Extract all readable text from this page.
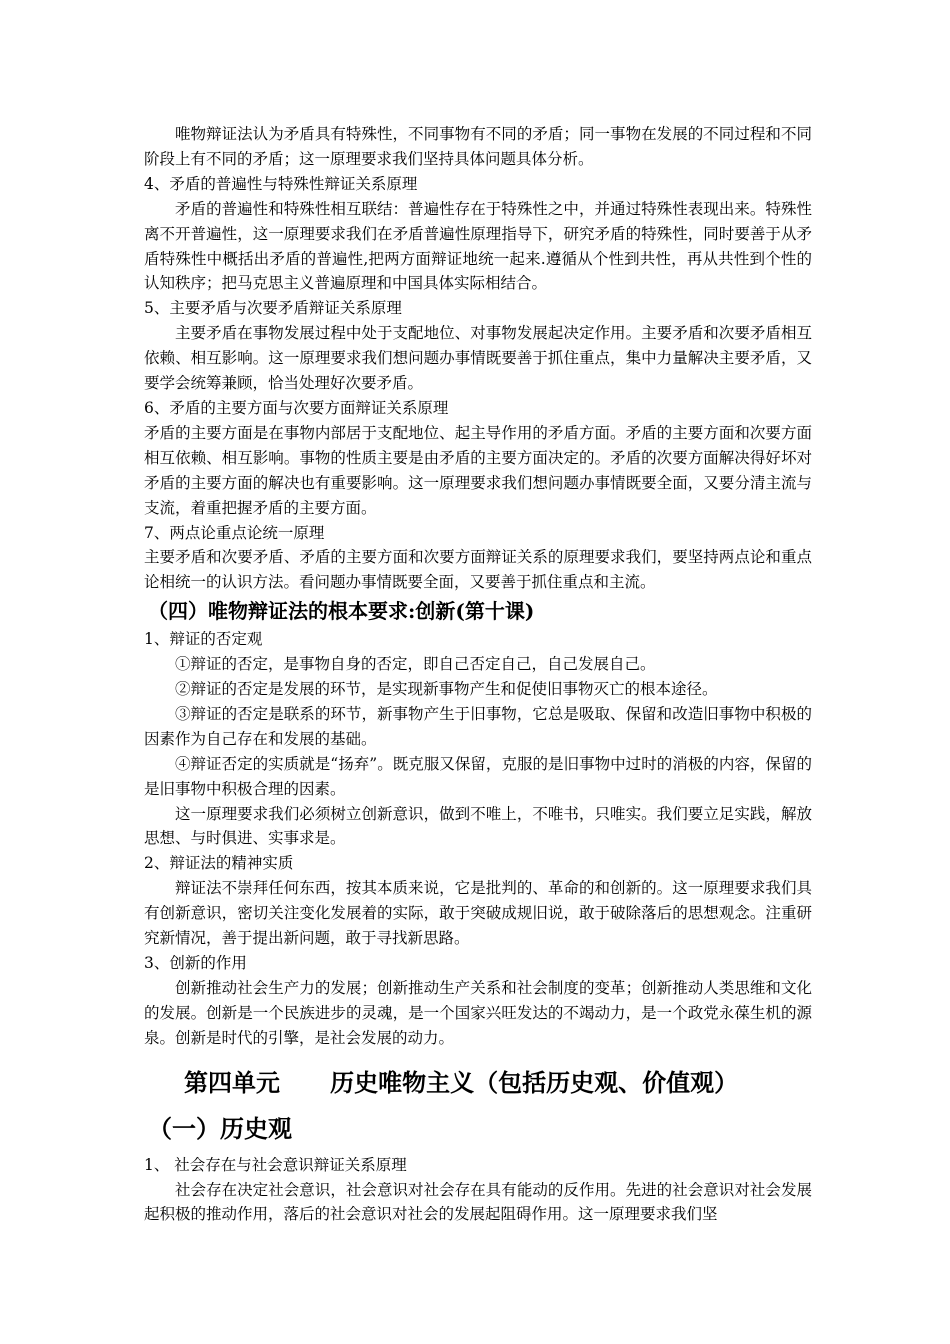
唯物辩证法认为矛盾具有特殊性，不同事物有不同的矛盾；同一事物在发展的不同过程和不同阶段上有不同的矛盾；这一原理要求我们坚持具体问题具体分析。

4、矛盾的普遍性与特殊性辩证关系原理

矛盾的普遍性和特殊性相互联结：普遍性存在于特殊性之中，并通过特殊性表现出来。特殊性离不开普遍性，这一原理要求我们在矛盾普遍性原理指导下，研究矛盾的特殊性，同时要善于从矛盾特殊性中概括出矛盾的普遍性,把两方面辩证地统一起来.遵循从个性到共性，再从共性到个性的认知秩序；把马克思主义普遍原理和中国具体实际相结合。

5、主要矛盾与次要矛盾辩证关系原理

主要矛盾在事物发展过程中处于支配地位、对事物发展起决定作用。主要矛盾和次要矛盾相互依赖、相互影响。这一原理要求我们想问题办事情既要善于抓住重点，集中力量解决主要矛盾，又要学会统筹兼顾，恰当处理好次要矛盾。

6、矛盾的主要方面与次要方面辩证关系原理

矛盾的主要方面是在事物内部居于支配地位、起主导作用的矛盾方面。矛盾的主要方面和次要方面相互依赖、相互影响。事物的性质主要是由矛盾的主要方面决定的。矛盾的次要方面解决得好坏对矛盾的主要方面的解决也有重要影响。这一原理要求我们想问题办事情既要全面，又要分清主流与支流，着重把握矛盾的主要方面。

7、两点论重点论统一原理

主要矛盾和次要矛盾、矛盾的主要方面和次要方面辩证关系的原理要求我们，要坚持两点论和重点论相统一的认识方法。看问题办事情既要全面，又要善于抓住重点和主流。

（四）唯物辩证法的根本要求:创新(第十课)

1、辩证的否定观

①辩证的否定，是事物自身的否定，即自己否定自己，自己发展自己。

②辩证的否定是发展的环节，是实现新事物产生和促使旧事物灭亡的根本途径。

③辩证的否定是联系的环节，新事物产生于旧事物，它总是吸取、保留和改造旧事物中积极的因素作为自己存在和发展的基础。

④辩证否定的实质就是“扬弃”。既克服又保留，克服的是旧事物中过时的消极的内容，保留的是旧事物中积极合理的因素。

这一原理要求我们必须树立创新意识，做到不唯上，不唯书，只唯实。我们要立足实践，解放思想、与时俱进、实事求是。

2、辩证法的精神实质

辩证法不崇拜任何东西，按其本质来说，它是批判的、革命的和创新的。这一原理要求我们具有创新意识，密切关注变化发展着的实际，敢于突破成规旧说，敢于破除落后的思想观念。注重研究新情况，善于提出新问题，敢于寻找新思路。

3、创新的作用

创新推动社会生产力的发展；创新推动生产关系和社会制度的变革；创新推动人类思维和文化的发展。创新是一个民族进步的灵魂，是一个国家兴旺发达的不竭动力，是一个政党永葆生机的源泉。创新是时代的引擎，是社会发展的动力。

第四单元      历史唯物主义（包括历史观、价值观）

（一）历史观

1、 社会存在与社会意识辩证关系原理

社会存在决定社会意识，社会意识对社会存在具有能动的反作用。先进的社会意识对社会发展起积极的推动作用，落后的社会意识对社会的发展起阻碍作用。这一原理要求我们坚
